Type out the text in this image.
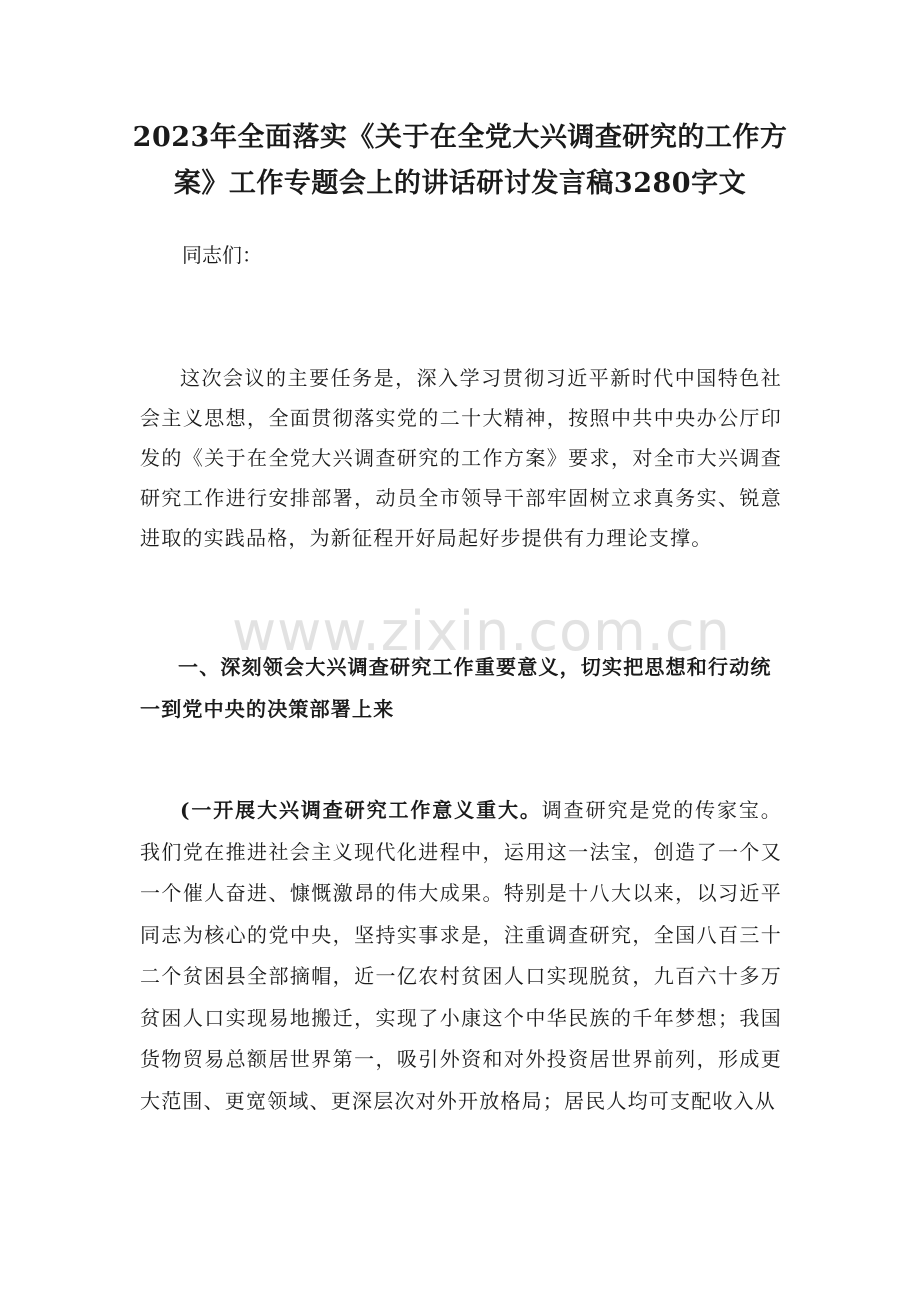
2023年全面落实《关于在全党大兴调查研究的工作方案》工作专题会上的讲话研讨发言稿3280字文
同志们：
这次会议的主要任务是，深入学习贯彻习近平新时代中国特色社会主义思想，全面贯彻落实党的二十大精神，按照中共中央办公厅印发的《关于在全党大兴调查研究的工作方案》要求，对全市大兴调查研究工作进行安排部署，动员全市领导干部牢固树立求真务实、锐意进取的实践品格，为新征程开好局起好步提供有力理论支撑。
www.zixin.com.cn
一、深刻领会大兴调查研究工作重要意义，切实把思想和行动统一到党中央的决策部署上来
(一开展大兴调查研究工作意义重大。调查研究是党的传家宝。我们党在推进社会主义现代化进程中，运用这一法宝，创造了一个又一个催人奋进、慷慨激昂的伟大成果。特别是十八大以来，以习近平同志为核心的党中央，坚持实事求是，注重调查研究，全国八百三十二个贫困县全部摘帽，近一亿农村贫困人口实现脱贫，九百六十多万贫困人口实现易地搬迁，实现了小康这个中华民族的千年梦想；我国货物贸易总额居世界第一，吸引外资和对外投资居世界前列，形成更大范围、更宽领域、更深层次对外开放格局；居民人均可支配收入从
